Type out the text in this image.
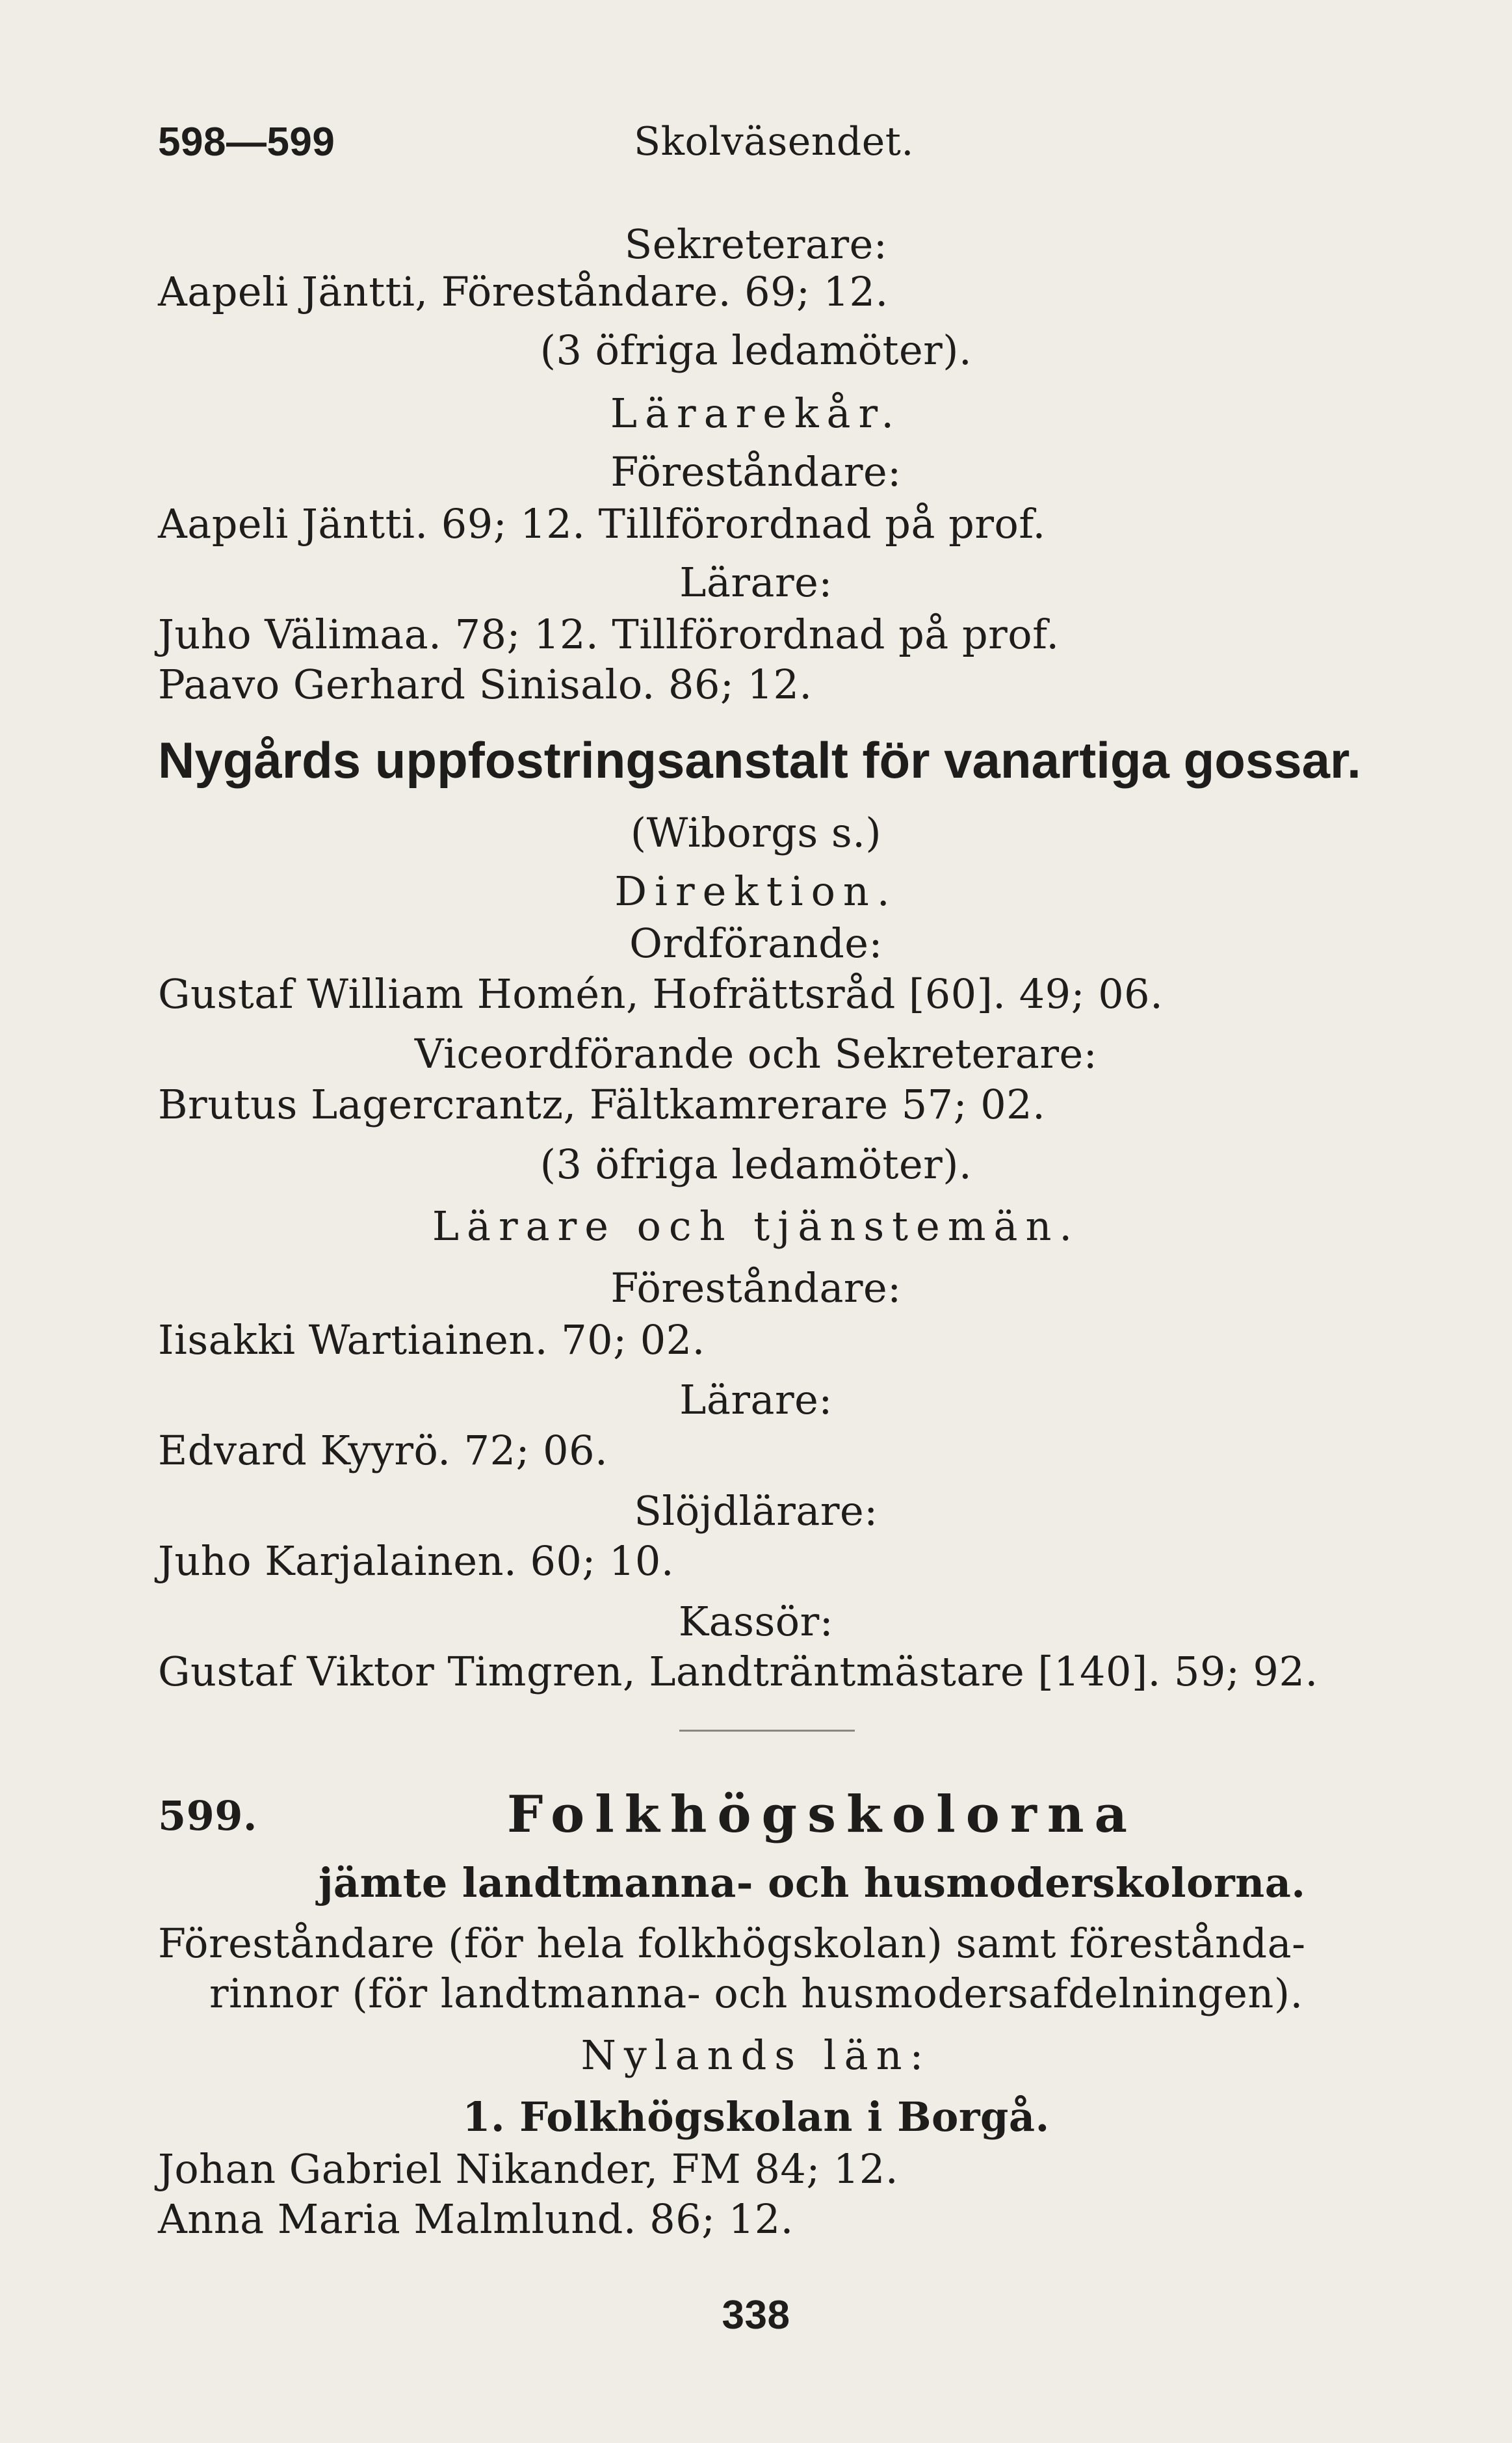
598—599	Skolväsendet.
Sekreterare:
Aapeli Jäntti, Föreståndare. 69; 12.
(3 öfriga ledamöter).
Lärarekår.
Föreståndare:
Aapeli Jäntti. 69; 12. Tillförordnad på prof.
Lärare:
Juho Välimaa. 78; 12. Tillförordnad på prof.
Paavo Gerhard Sinisalo. 86; 12.
Nygårds uppfostringsanstalt för vanartiga gossar.
(Wiborgs s.)
Direktion.
Ordförande:
Gustaf William Homén, Hofrättsråd [60]. 49; 06.
Viceordförande och Sekreterare:
Brutus Lagercrantz, Fältkamrerare 57; 02.
(3 öfriga ledamöter).
Lärare och tjänstemän.
Föreståndare:
Iisakki Wartiainen. 70; 02.
Lärare:
Edvard Kyyrö. 72; 06.
Slöjdlärare:
Juho Karjalainen. 60; 10.
Kassör:
Gustaf Viktor Timgren, Landträntmästare [140]. 59; 92.
599.	Folkhögskolorna
jämte landtmanna- och husmoderskolorna.
Föreståndare (för hela folkhögskolan) samt förestånda-
rinnor (för landtmanna- och husmodersafdelningen).
Nylands län:
1. Folkhögskolan i Borgå.
Johan Gabriel Nikander, FM 84; 12.
Anna Maria Malmlund. 86; 12.
338
